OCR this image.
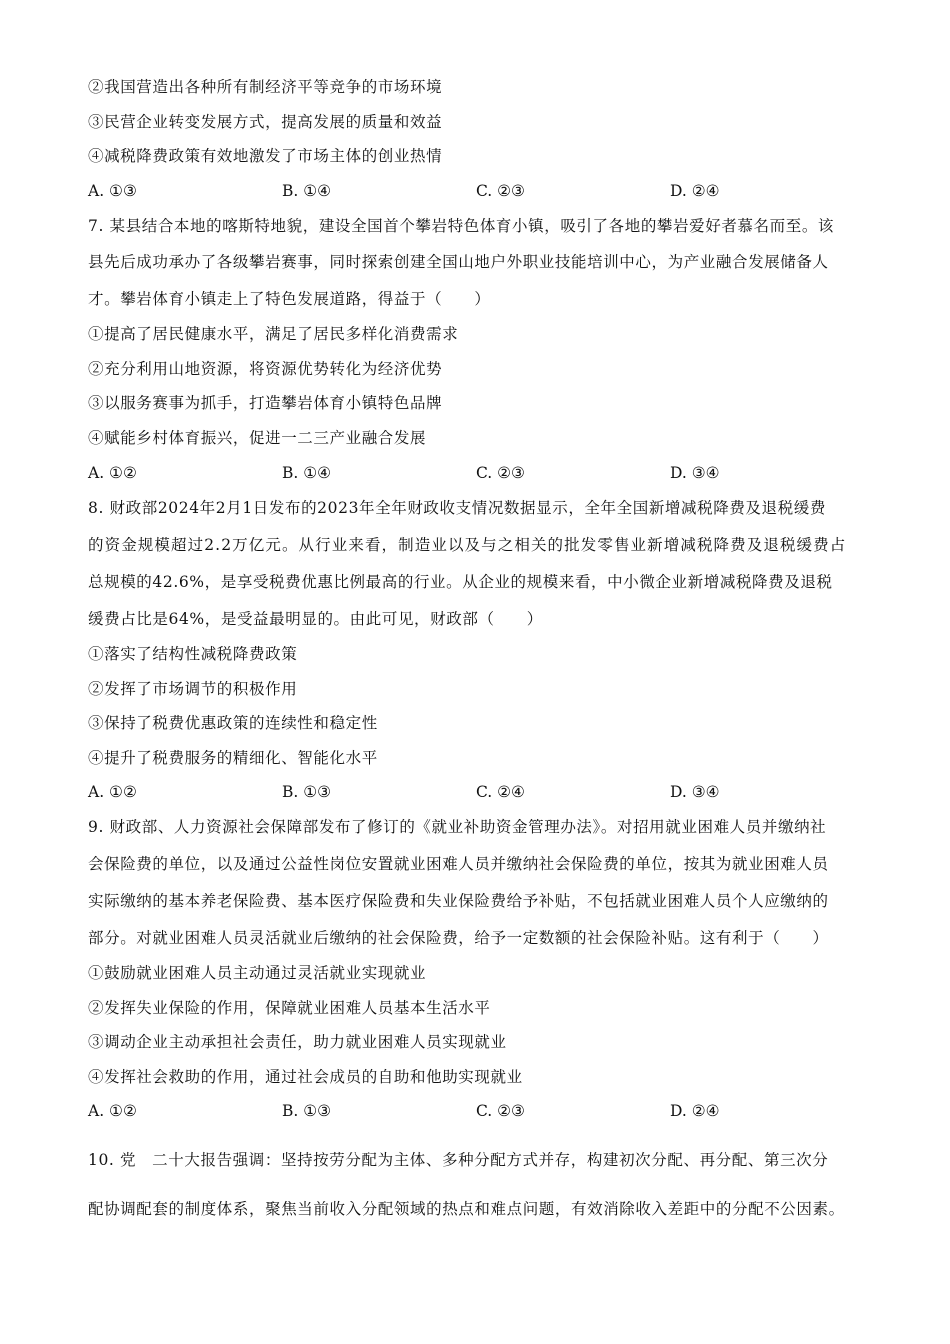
②我国营造出各种所有制经济平等竞争的市场环境
③民营企业转变发展方式，提高发展的质量和效益
④减税降费政策有效地激发了市场主体的创业热情
A. ①③	B. ①④	C. ②③	D. ②④
7. 某县结合本地的喀斯特地貌，建设全国首个攀岩特色体育小镇，吸引了各地的攀岩爱好者慕名而至。该
县先后成功承办了各级攀岩赛事，同时探索创建全国山地户外职业技能培训中心，为产业融合发展储备人
才。攀岩体育小镇走上了特色发展道路，得益于（　　）
①提高了居民健康水平，满足了居民多样化消费需求
②充分利用山地资源，将资源优势转化为经济优势
③以服务赛事为抓手，打造攀岩体育小镇特色品牌
④赋能乡村体育振兴，促进一二三产业融合发展
A. ①②	B. ①④	C. ②③	D. ③④
8. 财政部2024年2月1日发布的2023年全年财政收支情况数据显示，全年全国新增减税降费及退税缓费
的资金规模超过2.2万亿元。从行业来看，制造业以及与之相关的批发零售业新增减税降费及退税缓费占
总规模的42.6%，是享受税费优惠比例最高的行业。从企业的规模来看，中小微企业新增减税降费及退税
缓费占比是64%，是受益最明显的。由此可见，财政部（　　）
①落实了结构性减税降费政策
②发挥了市场调节的积极作用
③保持了税费优惠政策的连续性和稳定性
④提升了税费服务的精细化、智能化水平
A. ①②	B. ①③	C. ②④	D. ③④
9. 财政部、人力资源社会保障部发布了修订的《就业补助资金管理办法》。对招用就业困难人员并缴纳社
会保险费的单位，以及通过公益性岗位安置就业困难人员并缴纳社会保险费的单位，按其为就业困难人员
实际缴纳的基本养老保险费、基本医疗保险费和失业保险费给予补贴，不包括就业困难人员个人应缴纳的
部分。对就业困难人员灵活就业后缴纳的社会保险费，给予一定数额的社会保险补贴。这有利于（　　）
①鼓励就业困难人员主动通过灵活就业实现就业
②发挥失业保险的作用，保障就业困难人员基本生活水平
③调动企业主动承担社会责任，助力就业困难人员实现就业
④发挥社会救助的作用，通过社会成员的自助和他助实现就业
A. ①②	B. ①③	C. ②③	D. ②④
10. 党　二十大报告强调：坚持按劳分配为主体、多种分配方式并存，构建初次分配、再分配、第三次分
配协调配套的制度体系，聚焦当前收入分配领域的热点和难点问题，有效消除收入差距中的分配不公因素。
